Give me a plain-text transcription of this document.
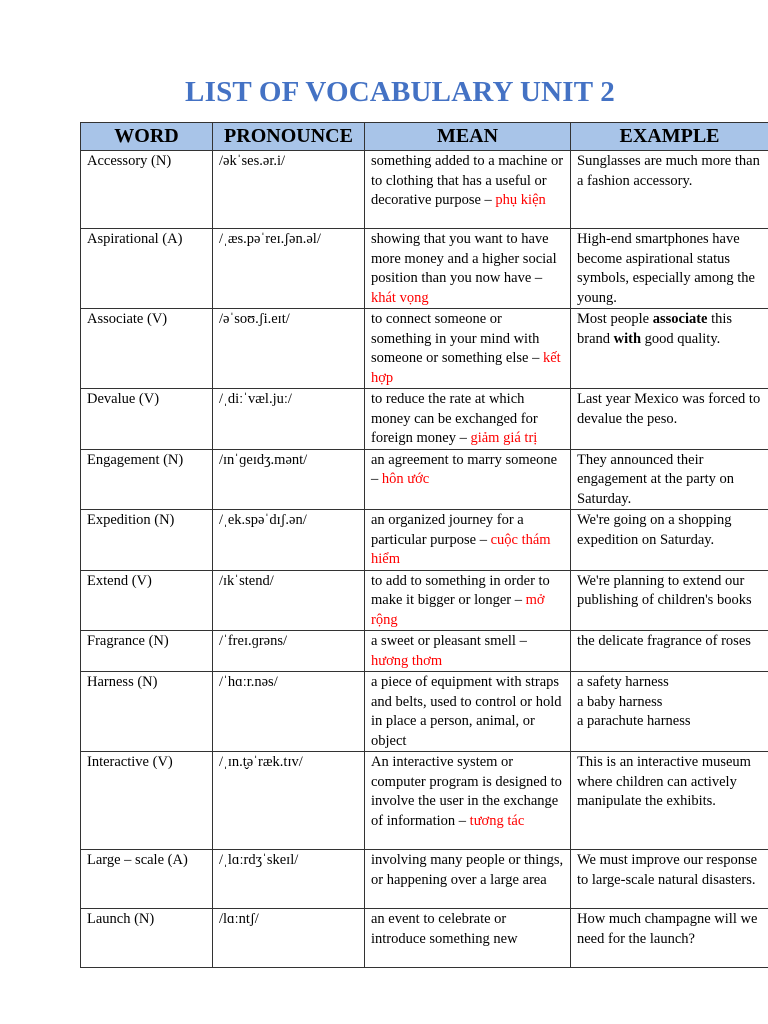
LIST OF VOCABULARY UNIT 2
WORD	PRONOUNCE	MEAN	EXAMPLE
Accessory (N)	/əkˈses.ər.i/	something added to a machine or to clothing that has a useful or decorative purpose – phụ kiện	Sunglasses are much more than a fashion accessory.

Aspirational (A)	/ˌæs.pəˈreɪ.ʃən.əl/	showing that you want to have more money and a higher social position than you now have – khát vọng	High-end smartphones have become aspirational status symbols, especially among the young.

Associate (V)	/əˈsoʊ.ʃi.eɪt/	to connect someone or something in your mind with someone or something else – kết hợp	Most people associate this brand with good quality.
Devalue (V)	/ˌdiːˈvæl.juː/	to reduce the rate at which money can be exchanged for foreign money – giảm giá trị	Last year Mexico was forced to devalue the peso.

Engagement (N)	/ɪnˈɡeɪdʒ.mənt/	an agreement to marry someone – hôn ước	They announced their engagement at the party on Saturday.

Expedition (N)	/ˌek.spəˈdɪʃ.ən/	an organized journey for a particular purpose – cuộc thám hiểm	We're going on a shopping expedition on Saturday.

Extend (V)	/ɪkˈstend/	to add to something in order to make it bigger or longer – mở rộng	We're planning to extend our publishing of children's books

Fragrance (N)	/ˈfreɪ.ɡrəns/	a sweet or pleasant smell – hương thơm	the delicate fragrance of roses

Harness (N)	/ˈhɑːr.nəs/	a piece of equipment with straps and belts, used to control or hold in place a person, animal, or object	a safety harness
a baby harness
a parachute harness

Interactive (V)	/ˌɪn.t̬əˈræk.tɪv/	An interactive system or computer program is designed to involve the user in the exchange of information – tương tác	This is an interactive museum where children can actively manipulate the exhibits.

Large – scale (A)	/ˌlɑːrdʒˈskeɪl/	involving many people or things, or happening over a large area	We must improve our response to large-scale natural disasters.

Launch (N)	/lɑːntʃ/	an event to celebrate or introduce something new	How much champagne will we need for the launch?
